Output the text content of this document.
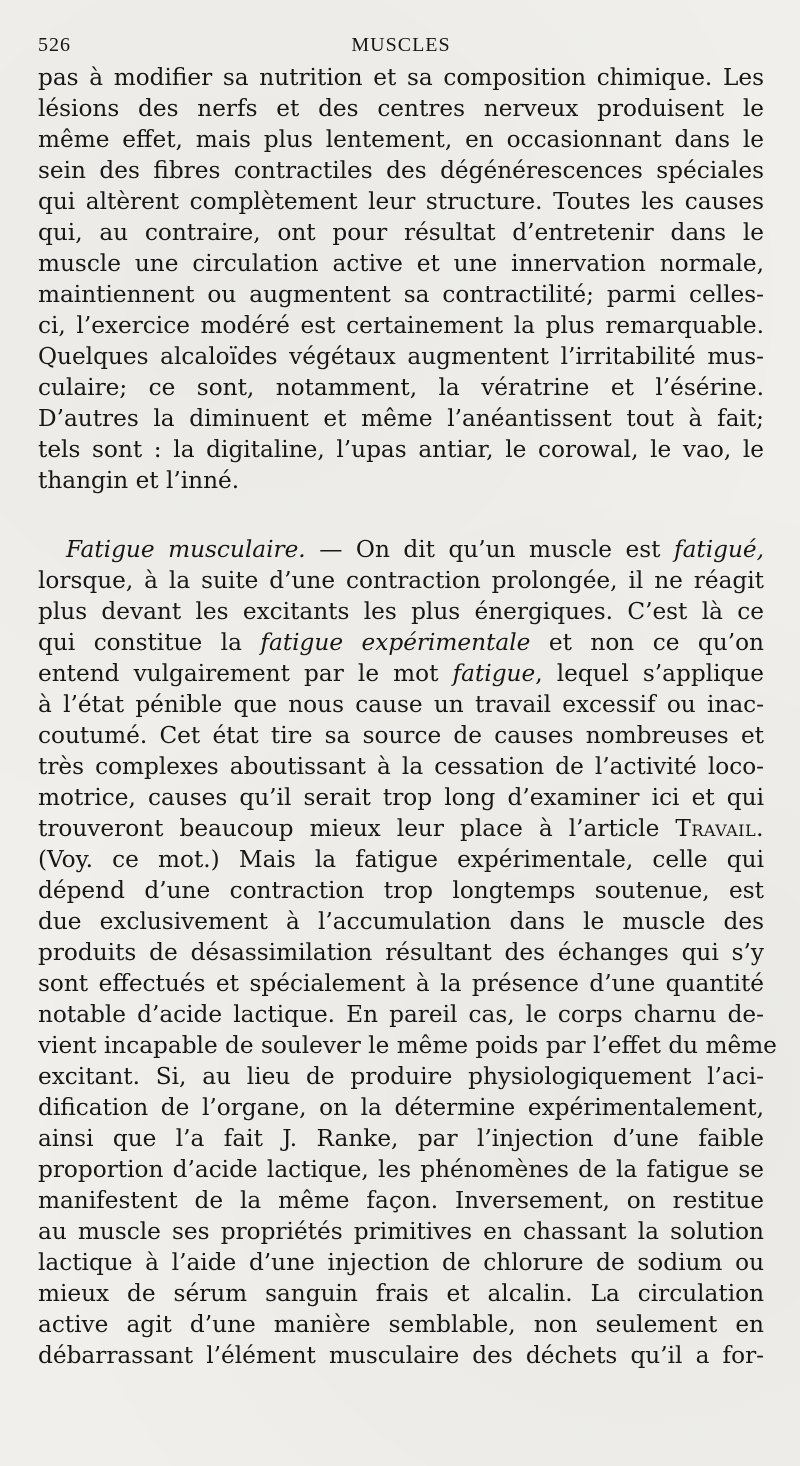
526	MUSCLES
pas à modifier sa nutrition et sa composition chimique. Les
lésions des nerfs et des centres nerveux produisent le
même effet, mais plus lentement, en occasionnant dans le
sein des fibres contractiles des dégénérescences spéciales
qui altèrent complètement leur structure. Toutes les causes
qui, au contraire, ont pour résultat d’entretenir dans le
muscle une circulation active et une innervation normale,
maintiennent ou augmentent sa contractilité; parmi celles-
ci, l’exercice modéré est certainement la plus remarquable.
Quelques alcaloïdes végétaux augmentent l’irritabilité mus-
culaire; ce sont, notamment, la vératrine et l’ésérine.
D’autres la diminuent et même l’anéantissent tout à fait;
tels sont : la digitaline, l’upas antiar, le corowal, le vao, le
thangin et l’inné.
Fatigue musculaire. — On dit qu’un muscle est fatigué,
lorsque, à la suite d’une contraction prolongée, il ne réagit
plus devant les excitants les plus énergiques. C’est là ce
qui constitue la fatigue expérimentale et non ce qu’on
entend vulgairement par le mot fatigue, lequel s’applique
à l’état pénible que nous cause un travail excessif ou inac-
coutumé. Cet état tire sa source de causes nombreuses et
très complexes aboutissant à la cessation de l’activité loco-
motrice, causes qu’il serait trop long d’examiner ici et qui
trouveront beaucoup mieux leur place à l’article Travail.
(Voy. ce mot.) Mais la fatigue expérimentale, celle qui
dépend d’une contraction trop longtemps soutenue, est
due exclusivement à l’accumulation dans le muscle des
produits de désassimilation résultant des échanges qui s’y
sont effectués et spécialement à la présence d’une quantité
notable d’acide lactique. En pareil cas, le corps charnu de-
vient incapable de soulever le même poids par l’effet du même
excitant. Si, au lieu de produire physiologiquement l’aci-
dification de l’organe, on la détermine expérimentalement,
ainsi que l’a fait J. Ranke, par l’injection d’une faible
proportion d’acide lactique, les phénomènes de la fatigue se
manifestent de la même façon. Inversement, on restitue
au muscle ses propriétés primitives en chassant la solution
lactique à l’aide d’une injection de chlorure de sodium ou
mieux de sérum sanguin frais et alcalin. La circulation
active agit d’une manière semblable, non seulement en
débarrassant l’élément musculaire des déchets qu’il a for-
